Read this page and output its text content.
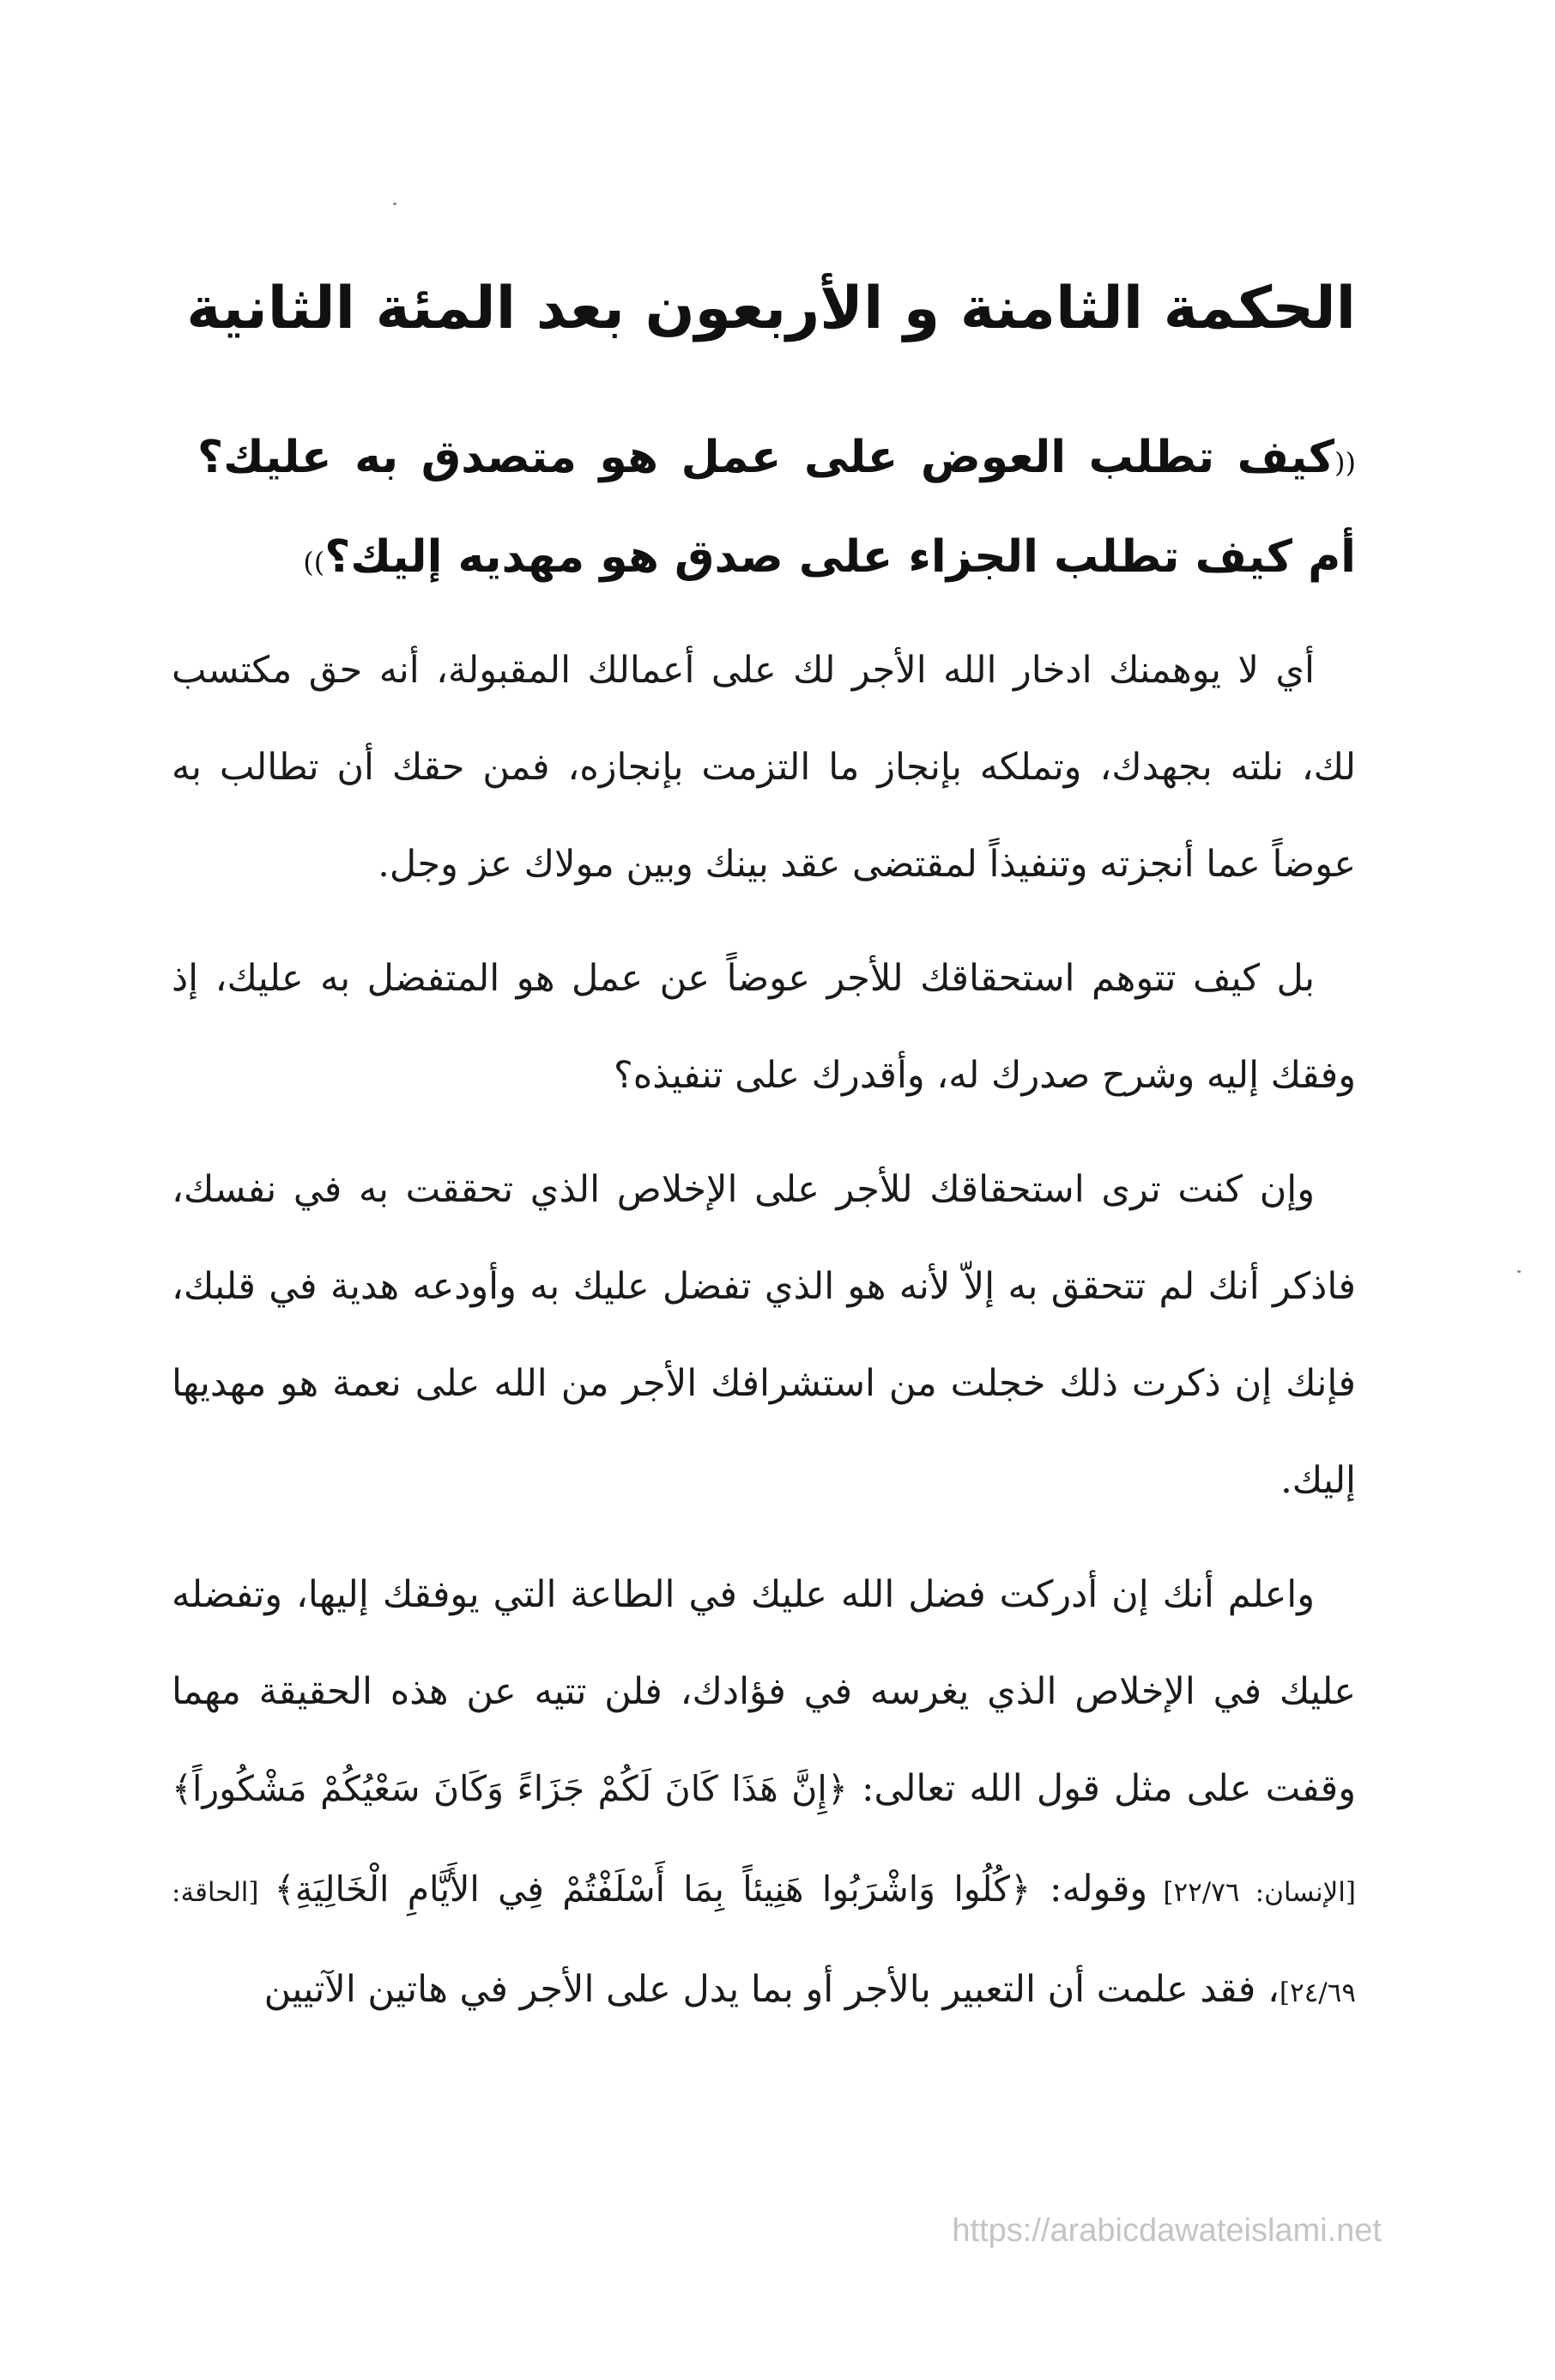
الحكمة الثامنة و الأربعون بعد المئة الثانية
((كيف تطلب العوض على عمل هو متصدق به عليك؟ أم كيف تطلب الجزاء على صدق هو مهديه إليك؟))

أي لا يوهمنك ادخار الله الأجر لك على أعمالك المقبولة، أنه حق مكتسب لك، نلته بجهدك، وتملكه بإنجاز ما التزمت بإنجازه، فمن حقك أن تطالب به عوضاً عما أنجزته وتنفيذاً لمقتضى عقد بينك وبين مولاك عز وجل.

بل كيف تتوهم استحقاقك للأجر عوضاً عن عمل هو المتفضل به عليك، إذ وفقك إليه وشرح صدرك له، وأقدرك على تنفيذه؟

وإن كنت ترى استحقاقك للأجر على الإخلاص الذي تحققت به في نفسك، فاذكر أنك لم تتحقق به إلاّ لأنه هو الذي تفضل عليك به وأودعه هدية في قلبك، فإنك إن ذكرت ذلك خجلت من استشرافك الأجر من الله على نعمة هو مهديها إليك.

واعلم أنك إن أدركت فضل الله عليك في الطاعة التي يوفقك إليها، وتفضله عليك في الإخلاص الذي يغرسه في فؤادك، فلن تتيه عن هذه الحقيقة مهما وقفت على مثل قول الله تعالى: ﴿إِنَّ هَذَا كَانَ لَكُمْ جَزَاءً وَكَانَ سَعْيُكُمْ مَشْكُوراً﴾ [الإنسان: ٢٢/٧٦] وقوله: ﴿كُلُوا وَاشْرَبُوا هَنِيئاً بِمَا أَسْلَفْتُمْ فِي الأَيَّامِ الْخَالِيَةِ﴾ [الحاقة: ٢٤/٦٩]، فقد علمت أن التعبير بالأجر أو بما يدل على الأجر في هاتين الآتيين

https://arabicdawateislami.net
